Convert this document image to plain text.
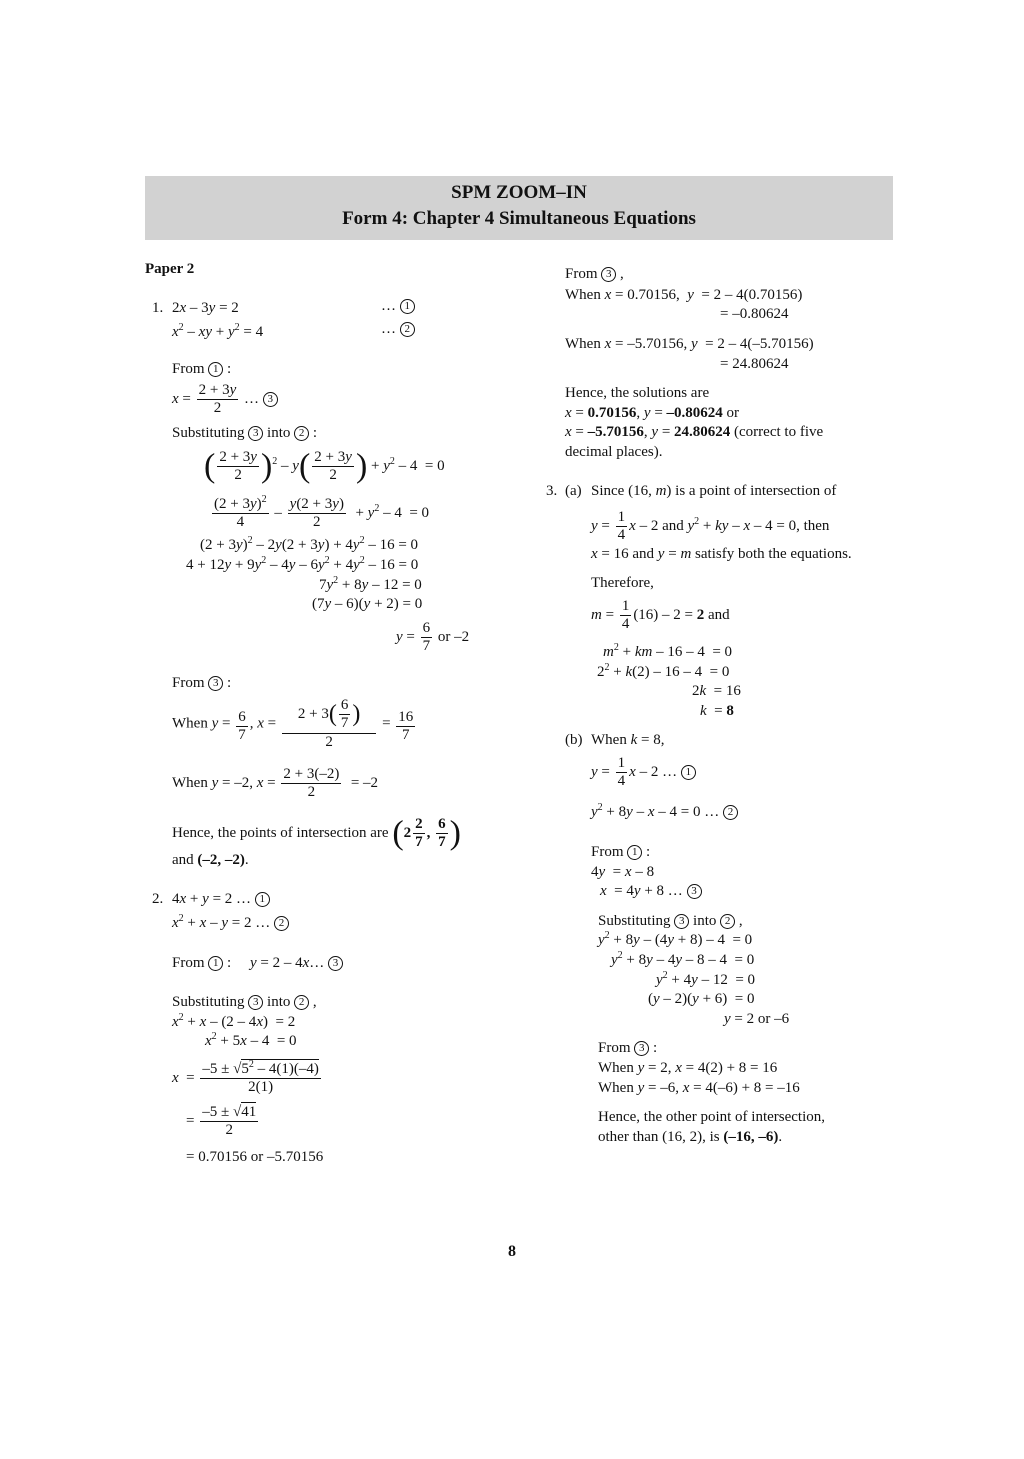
SPM ZOOM–IN
Form 4: Chapter 4 Simultaneous Equations
Paper 2
1. 2x – 3y = 2	… 1
$x^2$ – xy + $y^2 = 4$	… 2
From 1 :
$x = \frac{2 + 3y}{2}$ … 3
Substituting 3 into 2 :
( $\frac{2 + 3y}{2} )^2 - y( \frac{2 + 3y}{2}$ ) + $y^2 - 4 = 0$
$\frac{(2 + 3y)^2}{4} - \frac{y(2 + 3y)}{2} + y^2 - 4 = 0$
$(2 + 3y)^2 - 2y(2 + 3y) + 4y^2 - 16 = 0$
$4 + 12y + 9y^2 - 4y - 6y^2 + 4y^2 - 16 = 0$
$7y^2 + 8y - 12 = 0$
(7y – 6)(y + 2) = 0
$y = \frac{6}{7}$ or –2
From 3 :
When $y = \frac{6}{7}$ , $x = \frac{2 + 3( \frac{6}{7} )}{2} = \frac{16}{7}$
When y = –2, $x = \frac{2 + 3(-2)}{2} = -2$
Hence, the points of intersection are ($2 \frac{2}{7}$ , $\frac{6}{7}$ )
and (–2, –2).
2. 4x + y = 2 … 1
$x^2 + x - y = 2$ … 2
From 1 :     y = 2 – 4x… 3
Substituting 3 into 2 ,
$x^2 + x - (2 - 4x) = 2$
$x^2 + 5x - 4 = 0$
$x = \frac{-5 \pm √5^2 - 4(1)(-4)}{2(1)}$
= $\frac{-5 \pm √41}{2}$
= 0.70156 or –5.70156
From 3 ,
When x = 0.70156,  y  = 2 – 4(0.70156)
= –0.80624
When x = –5.70156, y  = 2 – 4(–5.70156)
= 24.80624
Hence, the solutions are
x = 0.70156, y = –0.80624 or
x = –5.70156, y = 24.80624 (correct to five
decimal places).
3. (a) Since (16, m) is a point of intersection of
$y = \frac{1}{4}$ x – 2 and $y^2$ + ky – x – 4 = 0, then
x = 16 and y = m satisfy both the equations.
Therefore,
$m = \frac{1}{4} (16) - 2 = 2$ and
$m^2$ + km – 16 – 4  = 0
$2^2 + k(2) - 16 - 4 = 0$
2k  = 16
k  = 8
(b) When k = 8,
$y = \frac{1}{4}$ x – 2 … 1
$y^2 + 8y - x - 4 = 0$ … 2
From 1 :
4y  = x – 8
x  = 4y + 8 … 3
Substituting 3 into 2 ,
$y^2 + 8y - (4y + 8) - 4 = 0$
$y^2 + 8y - 4y - 8 - 4 = 0$
$y^2 + 4y - 12 = 0$
(y – 2)(y + 6)  = 0
y = 2 or –6
From 3 :
When y = 2, x = 4(2) + 8 = 16
When y = –6, x = 4(–6) + 8 = –16
Hence, the other point of intersection,
other than (16, 2), is (–16, –6).
8
